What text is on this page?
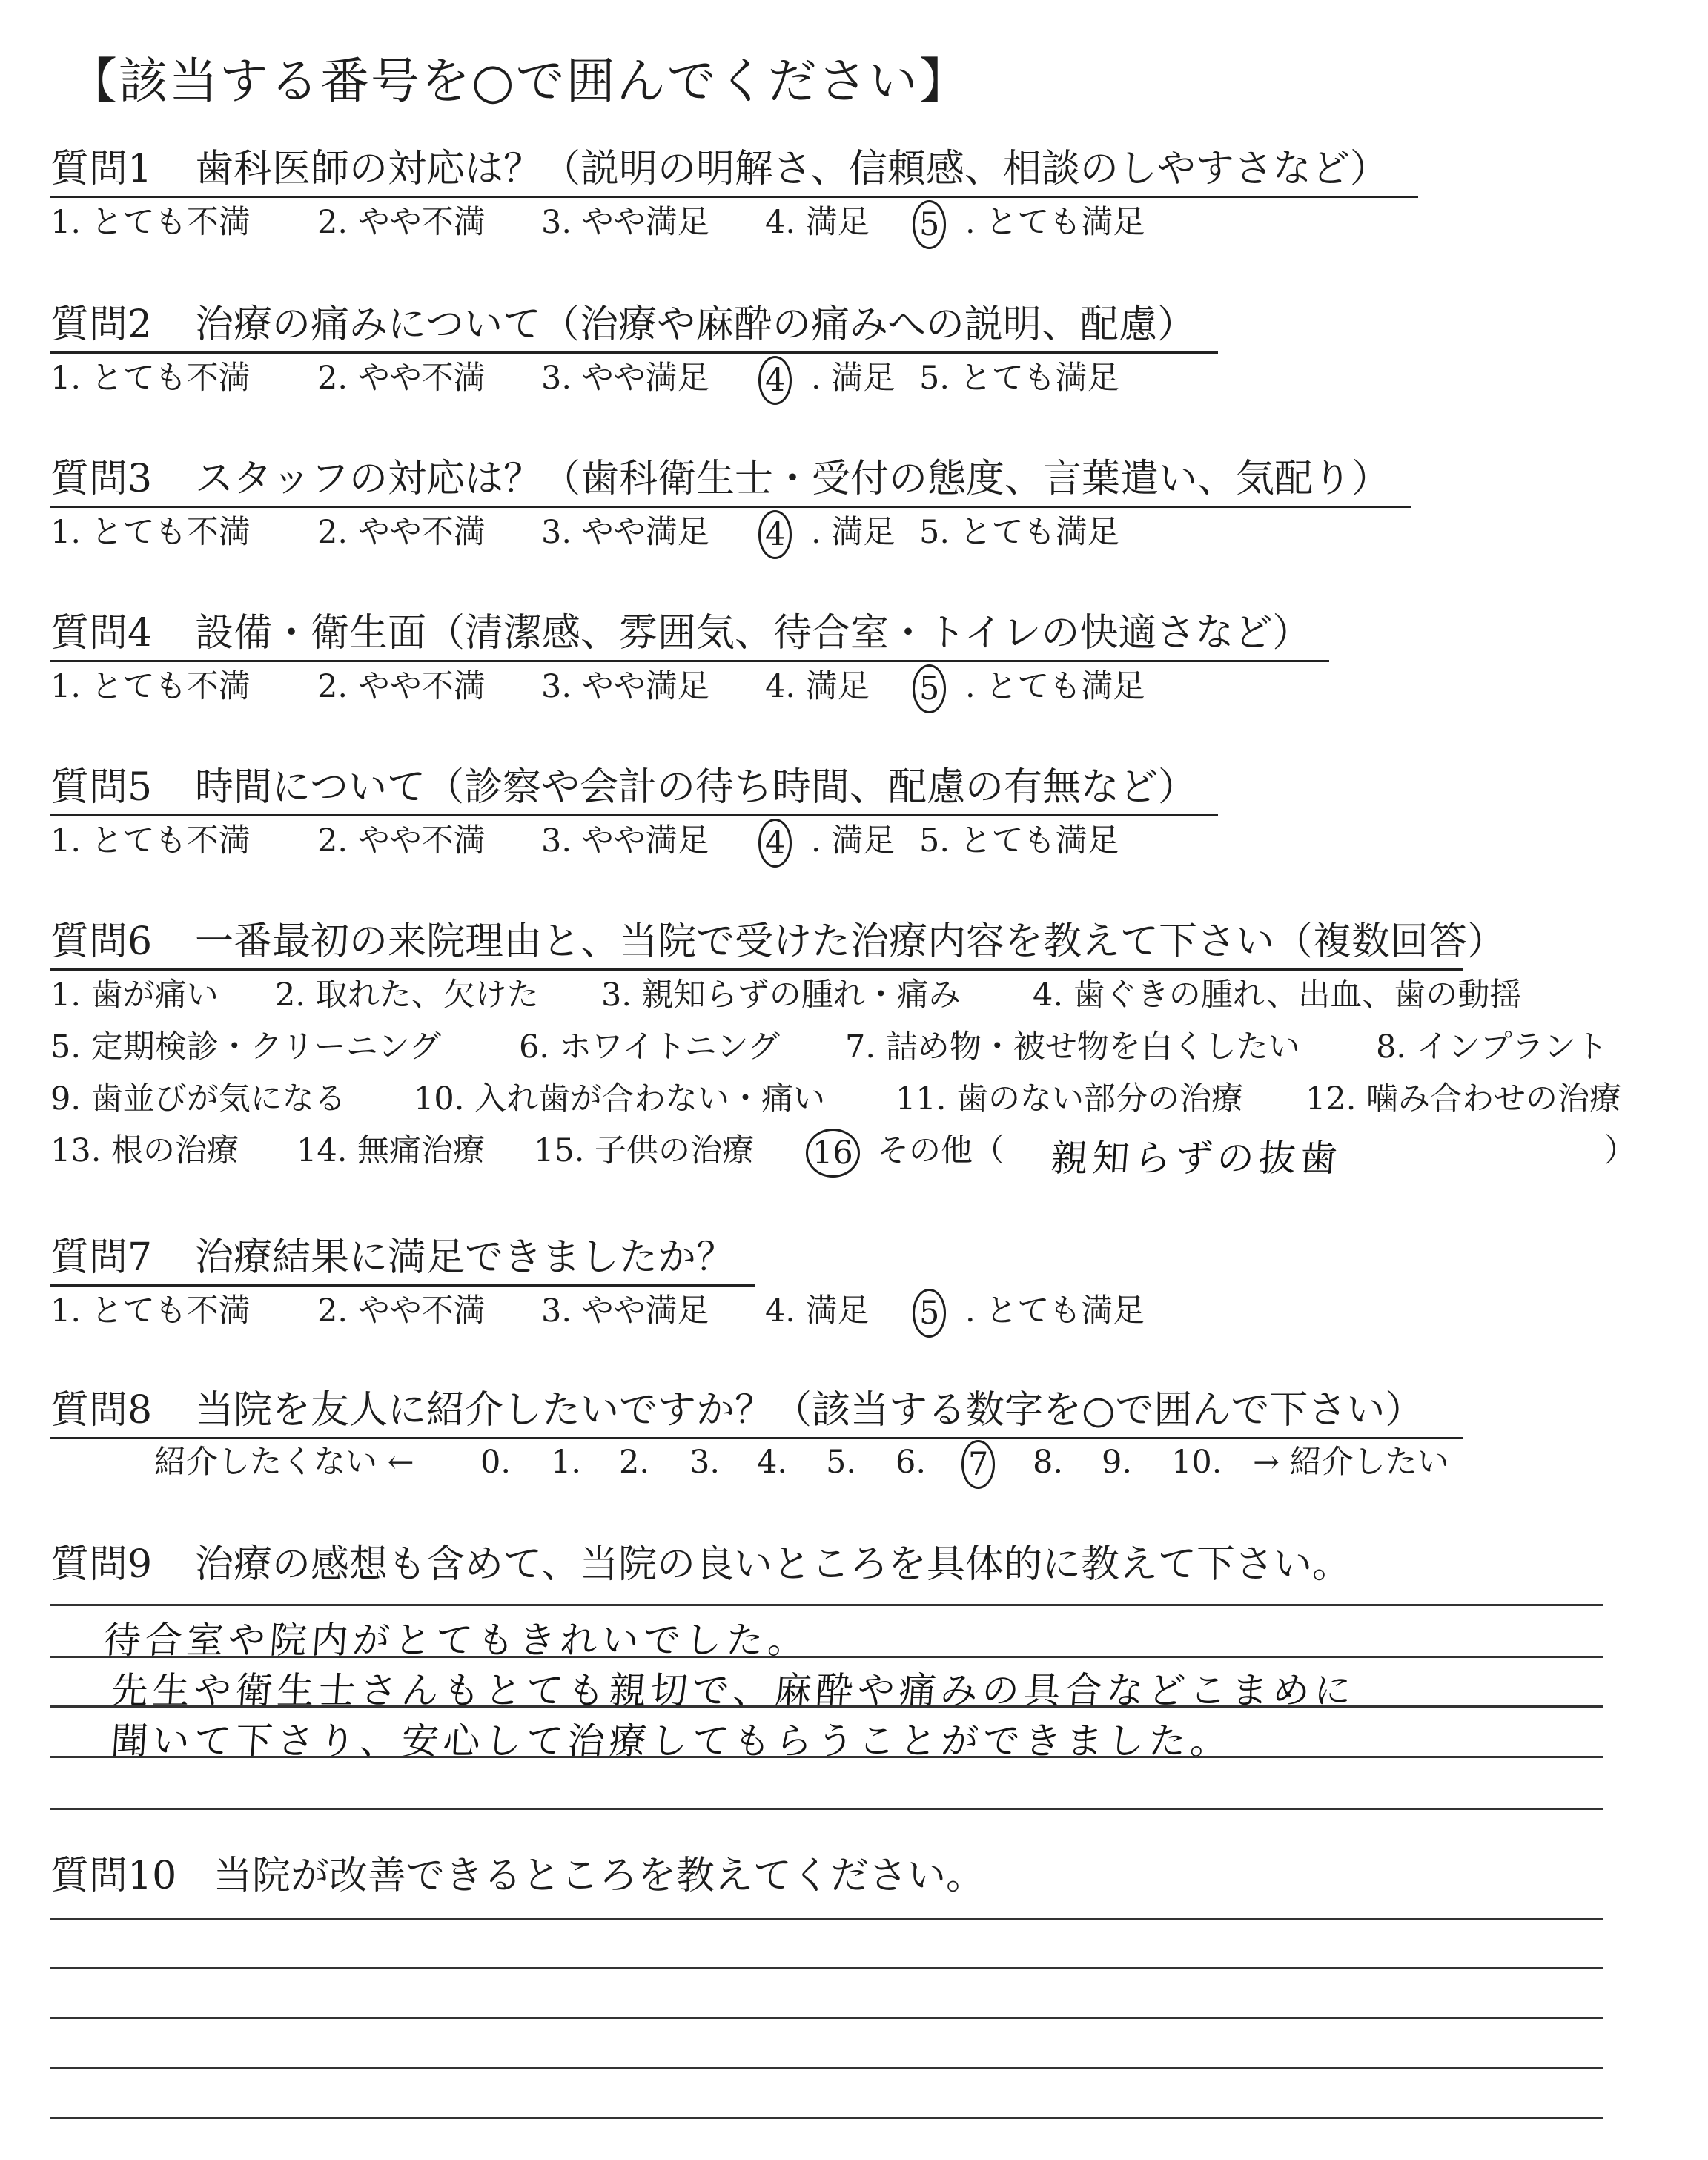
【該当する番号を○で囲んでください】
質問1 歯科医師の対応は？（説明の明解さ、信頼感、相談のしやすさなど）
1. とても不満 2. やや不満 3. やや満足 4. 満足 5 . とても満足
質問2 治療の痛みについて（治療や麻酔の痛みへの説明、配慮）
1. とても不満 2. やや不満 3. やや満足 4 . 満足 5. とても満足
質問3 スタッフの対応は？（歯科衛生士・受付の態度、言葉遣い、気配り）
1. とても不満 2. やや不満 3. やや満足 4 . 満足 5. とても満足
質問4 設備・衛生面（清潔感、雰囲気、待合室・トイレの快適さなど）
1. とても不満 2. やや不満 3. やや満足 4. 満足 5 . とても満足
質問5 時間について（診察や会計の待ち時間、配慮の有無など）
1. とても不満 2. やや不満 3. やや満足 4 . 満足 5. とても満足
質問6 一番最初の来院理由と、当院で受けた治療内容を教えて下さい（複数回答）
1. 歯が痛い 2. 取れた、欠けた 3. 親知らずの腫れ・痛み 4. 歯ぐきの腫れ、出血、歯の動揺
5. 定期検診・クリーニング 6. ホワイトニング 7. 詰め物・被せ物を白くしたい 8. インプラント
9. 歯並びが気になる 10. 入れ歯が合わない・痛い 11. 歯のない部分の治療 12. 噛み合わせの治療
13. 根の治療 14. 無痛治療 15. 子供の治療 16 その他（	）
親知らずの抜歯
質問7 治療結果に満足できましたか？
1. とても不満 2. やや不満 3. やや満足 4. 満足 5 . とても満足
質問8 当院を友人に紹介したいですか？（該当する数字を○で囲んで下さい）
紹介したくない ← 0. 1. 2. 3. 4. 5. 6. 7 8. 9. 10. → 紹介したい
質問9 治療の感想も含めて、当院の良いところを具体的に教えて下さい。
待合室や院内がとてもきれいでした。
先生や衛生士さんもとても親切で、麻酔や痛みの具合などこまめに
聞いて下さり、安心して治療してもらうことができました。
質問10 当院が改善できるところを教えてください。
